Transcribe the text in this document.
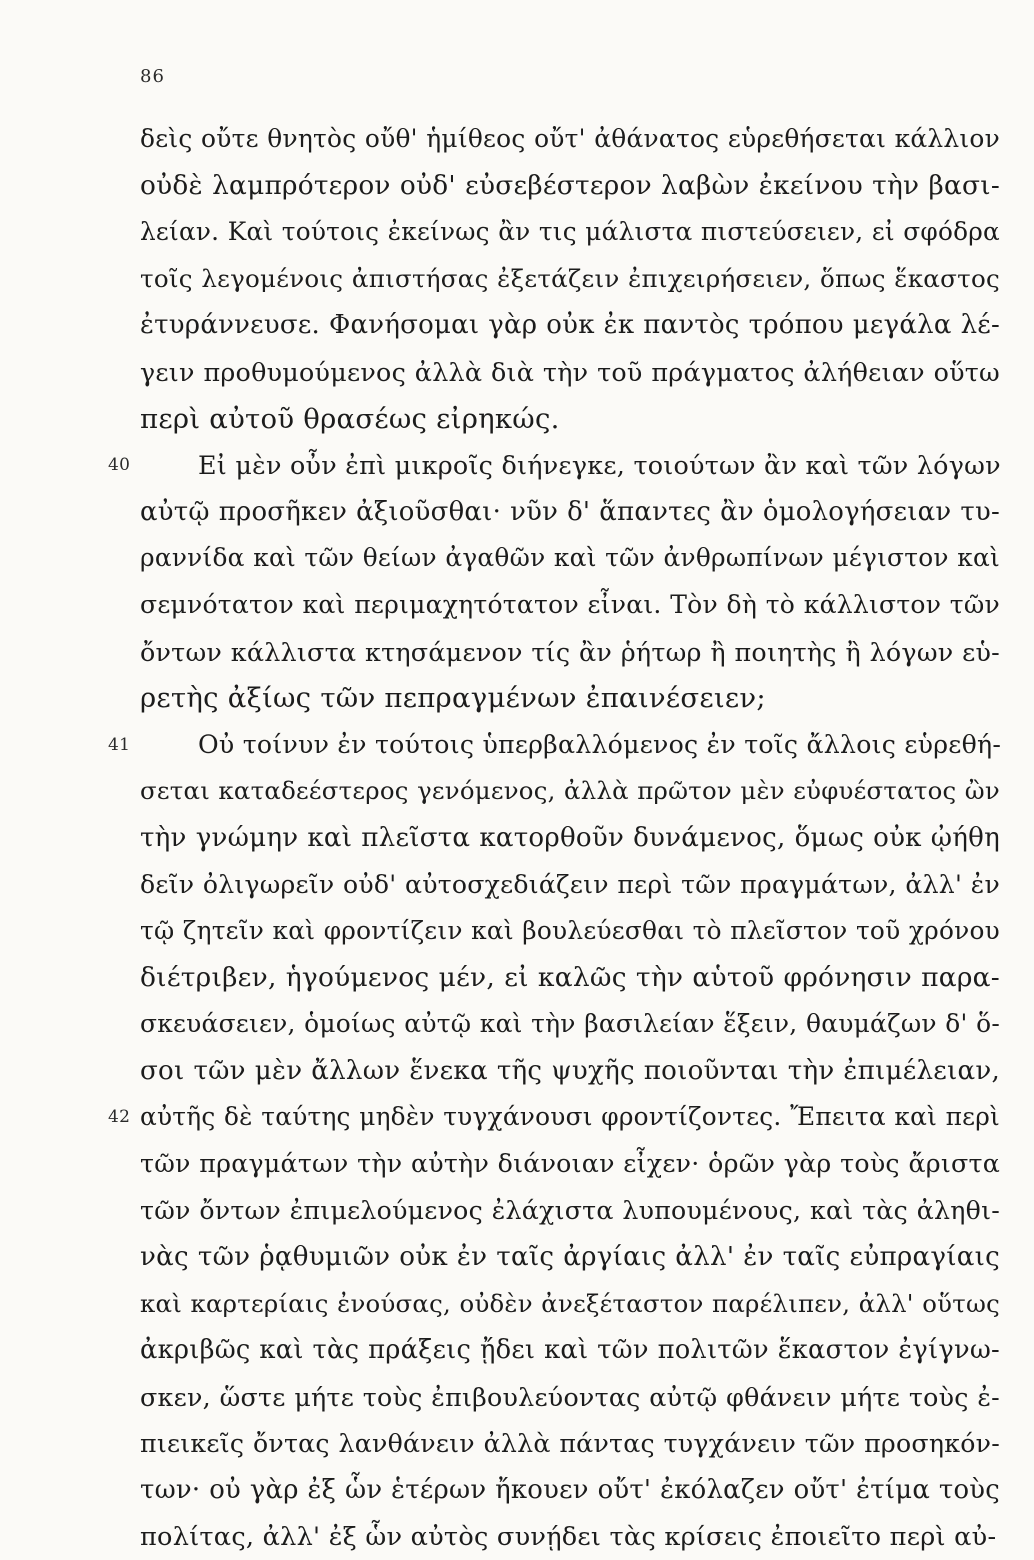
86
δεὶς οὔτε θνητὸς οὔθ' ἡμίθεος οὔτ' ἀθάνατος εὑρεθήσεται κάλλιον
οὐδὲ λαμπρότερον οὐδ' εὐσεβέστερον λαβὼν ἐκείνου τὴν βασι-
λείαν. Καὶ τούτοις ἐκείνως ἂν τις μάλιστα πιστεύσειεν, εἰ σφόδρα
τοῖς λεγομένοις ἀπιστήσας ἐξετάζειν ἐπιχειρήσειεν, ὅπως ἕκαστος
ἐτυράννευσε. Φανήσομαι γὰρ οὐκ ἐκ παντὸς τρόπου μεγάλα λέ-
γειν προθυμούμενος ἀλλὰ διὰ τὴν τοῦ πράγματος ἀλήθειαν οὕτω
περὶ αὐτοῦ θρασέως εἰρηκώς.
40	Εἰ μὲν οὖν ἐπὶ μικροῖς διήνεγκε, τοιούτων ἂν καὶ τῶν λόγων
αὐτῷ προσῆκεν ἀξιοῦσθαι· νῦν δ' ἅπαντες ἂν ὁμολογήσειαν τυ-
ραννίδα καὶ τῶν θείων ἀγαθῶν καὶ τῶν ἀνθρωπίνων μέγιστον καὶ
σεμνότατον καὶ περιμαχητότατον εἶναι. Τὸν δὴ τὸ κάλλιστον τῶν
ὄντων κάλλιστα κτησάμενον τίς ἂν ῥήτωρ ἢ ποιητὴς ἢ λόγων εὑ-
ρετὴς ἀξίως τῶν πεπραγμένων ἐπαινέσειεν;
41	Οὐ τοίνυν ἐν τούτοις ὑπερβαλλόμενος ἐν τοῖς ἄλλοις εὑρεθή-
σεται καταδεέστερος γενόμενος, ἀλλὰ πρῶτον μὲν εὐφυέστατος ὢν
τὴν γνώμην καὶ πλεῖστα κατορθοῦν δυνάμενος, ὅμως οὐκ ᾠήθη
δεῖν ὀλιγωρεῖν οὐδ' αὐτοσχεδιάζειν περὶ τῶν πραγμάτων, ἀλλ' ἐν
τῷ ζητεῖν καὶ φροντίζειν καὶ βουλεύεσθαι τὸ πλεῖστον τοῦ χρόνου
διέτριβεν, ἡγούμενος μέν, εἰ καλῶς τὴν αὑτοῦ φρόνησιν παρα-
σκευάσειεν, ὁμοίως αὐτῷ καὶ τὴν βασιλείαν ἕξειν, θαυμάζων δ' ὅ-
σοι τῶν μὲν ἄλλων ἕνεκα τῆς ψυχῆς ποιοῦνται τὴν ἐπιμέλειαν,
42 αὐτῆς δὲ ταύτης μηδὲν τυγχάνουσι φροντίζοντες. Ἔπειτα καὶ περὶ
τῶν πραγμάτων τὴν αὐτὴν διάνοιαν εἶχεν· ὁρῶν γὰρ τοὺς ἄριστα
τῶν ὄντων ἐπιμελούμενος ἐλάχιστα λυπουμένους, καὶ τὰς ἀληθι-
νὰς τῶν ῥᾳθυμιῶν οὐκ ἐν ταῖς ἀργίαις ἀλλ' ἐν ταῖς εὐπραγίαις
καὶ καρτερίαις ἐνούσας, οὐδὲν ἀνεξέταστον παρέλιπεν, ἀλλ' οὕτως
ἀκριβῶς καὶ τὰς πράξεις ᾔδει καὶ τῶν πολιτῶν ἕκαστον ἐγίγνω-
σκεν, ὥστε μήτε τοὺς ἐπιβουλεύοντας αὐτῷ φθάνειν μήτε τοὺς ἐ-
πιεικεῖς ὄντας λανθάνειν ἀλλὰ πάντας τυγχάνειν τῶν προσηκόν-
των· οὐ γὰρ ἐξ ὧν ἑτέρων ἤκουεν οὔτ' ἐκόλαζεν οὔτ' ἐτίμα τοὺς
πολίτας, ἀλλ' ἐξ ὧν αὐτὸς συνῄδει τὰς κρίσεις ἐποιεῖτο περὶ αὐ-
